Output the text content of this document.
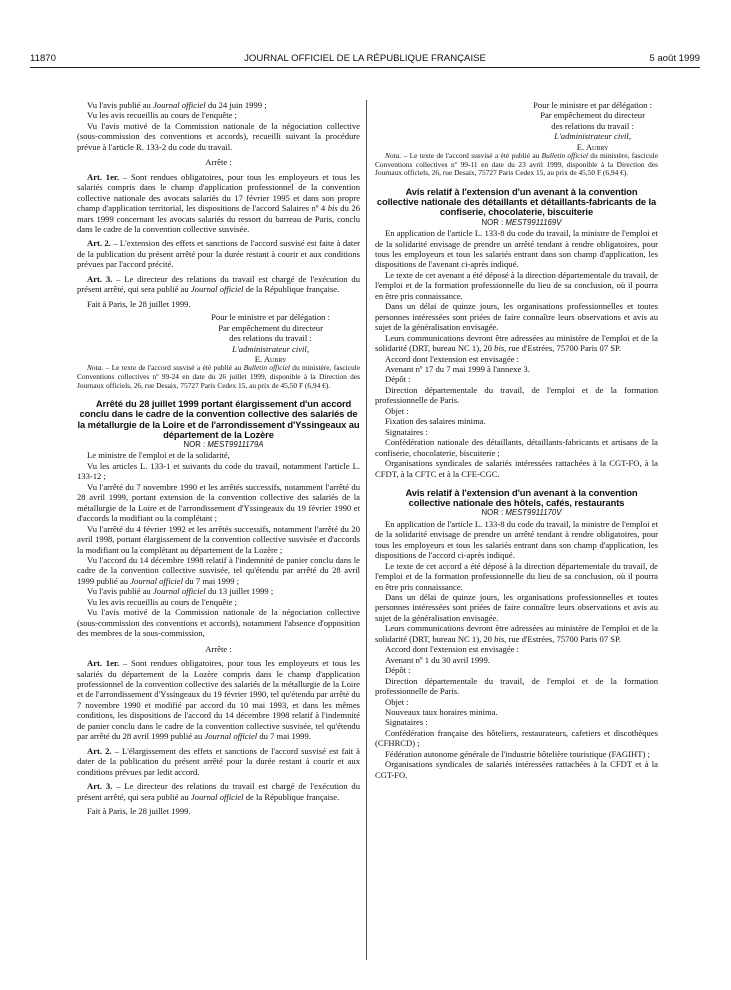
11870	JOURNAL OFFICIEL DE LA RÉPUBLIQUE FRANÇAISE	5 août 1999

Vu l'avis publié au Journal officiel du 24 juin 1999 ;

Vu les avis recueillis au cours de l'enquête ;

Vu l'avis motivé de la Commission nationale de la négociation collective (sous-commission des conventions et accords), recueilli suivant la procédure prévue à l'article R. 133-2 du code du travail.

Arrête :

Art. 1er. – Sont rendues obligatoires, pour tous les employeurs et tous les salariés compris dans le champ d'application professionnel de la convention collective nationale des avocats salariés du 17 février 1995 et dans son propre champ d'application territorial, les dispositions de l'accord Salaires nº 4 bis du 26 mars 1999 concernant les avocats salariés du ressort du barreau de Paris, conclu dans le cadre de la convention collective susvisée.

Art. 2. – L'extension des effets et sanctions de l'accord susvisé est faite à dater de la publication du présent arrêté pour la durée restant à courir et aux conditions prévues par l'accord précité.

Art. 3. – Le directeur des relations du travail est chargé de l'exécution du présent arrêté, qui sera publié au Journal officiel de la République française.

Fait à Paris, le 28 juillet 1999.

Pour le ministre et par délégation :
Par empêchement du directeur
des relations du travail :
L'administrateur civil,
E. Aubry

Nota. – Le texte de l'accord susvisé a été publié au Bulletin officiel du ministère, fascicule Conventions collectives nº 99-24 en date du 26 juillet 1999, disponible à la Direction des Journaux officiels, 26, rue Desaix, 75727 Paris Cedex 15, au prix de 45,50 F (6,94 €).

Arrêté du 28 juillet 1999 portant élargissement d'un accord conclu dans le cadre de la convention collective des salariés de la métallurgie de la Loire et de l'arrondissement d'Yssingeaux au département de la Lozère

NOR : MEST9911179A

Le ministre de l'emploi et de la solidarité,

Vu les articles L. 133-1 et suivants du code du travail, notamment l'article L. 133-12 ;

Vu l'arrêté du 7 novembre 1990 et les arrêtés successifs, notamment l'arrêté du 28 avril 1999, portant extension de la convention collective des salariés de la métallurgie de la Loire et de l'arrondissement d'Yssingeaux du 19 février 1990 et d'accords la modifiant ou la complétant ;

Vu l'arrêté du 4 février 1992 et les arrêtés successifs, notamment l'arrêté du 20 avril 1998, portant élargissement de la convention collective susvisée et d'accords la modifiant ou la complétant au département de la Lozère ;

Vu l'accord du 14 décembre 1998 relatif à l'indemnité de panier conclu dans le cadre de la convention collective susvisée, tel qu'étendu par arrêté du 28 avril 1999 publié au Journal officiel du 7 mai 1999 ;

Vu l'avis publié au Journal officiel du 13 juillet 1999 ;

Vu les avis recueillis au cours de l'enquête ;

Vu l'avis motivé de la Commission nationale de la négociation collective (sous-commission des conventions et accords), notamment l'absence d'opposition des membres de la sous-commission,

Arrête :

Art. 1er. – Sont rendues obligatoires, pour tous les employeurs et tous les salariés du département de la Lozère compris dans le champ d'application professionnel de la convention collective des salariés de la métallurgie de la Loire et de l'arrondissement d'Yssingeaux du 19 février 1990, tel qu'étendu par arrêté du 7 novembre 1990 et modifié par accord du 10 mai 1993, et dans les mêmes conditions, les dispositions de l'accord du 14 décembre 1998 relatif à l'indemnité de panier conclu dans le cadre de la convention collective susvisée, tel qu'étendu par arrêté du 28 avril 1999 publié au Journal officiel du 7 mai 1999.

Art. 2. – L'élargissement des effets et sanctions de l'accord susvisé est fait à dater de la publication du présent arrêté pour la durée restant à courir et aux conditions prévues par ledit accord.

Art. 3. – Le directeur des relations du travail est chargé de l'exécution du présent arrêté, qui sera publié au Journal officiel de la République française.

Fait à Paris, le 28 juillet 1999.

Pour le ministre et par délégation :
Par empêchement du directeur
des relations du travail :
L'administrateur civil,
E. Aubry

Nota. – Le texte de l'accord susvisé a été publié au Bulletin officiel du ministère, fascicule Conventions collectives nº 99-11 en date du 23 avril 1999, disponible à la Direction des Journaux officiels, 26, rue Desaix, 75727 Paris Cedex 15, au prix de 45,50 F (6,94 €).

Avis relatif à l'extension d'un avenant à la convention collective nationale des détaillants et détaillants-fabricants de la confiserie, chocolaterie, biscuiterie

NOR : MEST9911169V

En application de l'article L. 133-8 du code du travail, la ministre de l'emploi et de la solidarité envisage de prendre un arrêté tendant à rendre obligatoires, pour tous les employeurs et tous les salariés entrant dans son champ d'application, les dispositions de l'avenant ci-après indiqué.

Le texte de cet avenant a été déposé à la direction départementale du travail, de l'emploi et de la formation professionnelle du lieu de sa conclusion, où il pourra en être pris connaissance.

Dans un délai de quinze jours, les organisations professionnelles et toutes personnes intéressées sont priées de faire connaître leurs observations et avis au sujet de la généralisation envisagée.

Leurs communications devront être adressées au ministère de l'emploi et de la solidarité (DRT, bureau NC 1), 20 bis, rue d'Estrées, 75700 Paris 07 SP.

Accord dont l'extension est envisagée :

Avenant nº 17 du 7 mai 1999 à l'annexe 3.

Dépôt :

Direction départementale du travail, de l'emploi et de la formation professionnelle de Paris.

Objet :

Fixation des salaires minima.

Signataires :

Confédération nationale des détaillants, détaillants-fabricants et artisans de la confiserie, chocolaterie, biscuiterie ;

Organisations syndicales de salariés intéressées rattachées à la CGT-FO, à la CFDT, à la CFTC et à la CFE-CGC.

Avis relatif à l'extension d'un avenant à la convention collective nationale des hôtels, cafés, restaurants

NOR : MEST9911170V

En application de l'article L. 133-8 du code du travail, la ministre de l'emploi et de la solidarité envisage de prendre un arrêté tendant à rendre obligatoires, pour tous les employeurs et tous les salariés entrant dans son champ d'application, les dispositions de l'accord ci-après indiqué.

Le texte de cet accord a été déposé à la direction départementale du travail, de l'emploi et de la formation professionnelle du lieu de sa conclusion, où il pourra en être pris connaissance.

Dans un délai de quinze jours, les organisations professionnelles et toutes personnes intéressées sont priées de faire connaître leurs observations et avis au sujet de la généralisation envisagée.

Leurs communications devront être adressées au ministère de l'emploi et de la solidarité (DRT, bureau NC 1), 20 bis, rue d'Estrées, 75700 Paris 07 SP.

Accord dont l'extension est envisagée :

Avenant nº 1 du 30 avril 1999.

Dépôt :

Direction départementale du travail, de l'emploi et de la formation professionnelle de Paris.

Objet :

Nouveaux taux horaires minima.

Signataires :

Confédération française des hôteliers, restaurateurs, cafetiers et discothèques (CFHRCD) ;

Fédération autonome générale de l'industrie hôtelière touristique (FAGIHT) ;

Organisations syndicales de salariés intéressées rattachées à la CFDT et à la CGT-FO.
